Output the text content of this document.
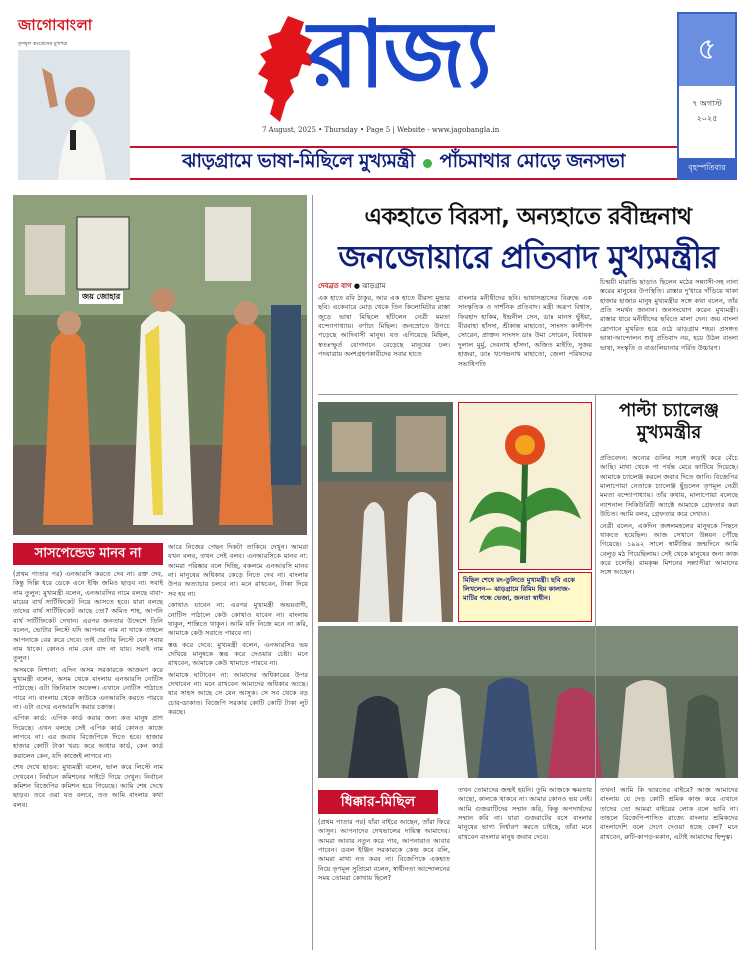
জাগোবাংলা
তৃণমূল কংগ্রেসের মুখপত্র	রাজ্য
7 August, 2025 • Thursday • Page 5 | Website - www.jagobangla.in
৫
৭ অগাস্ট
২০২৫
বৃহস্পতিবার
ঝাড়গ্রামে ভাষা-মিছিলে মুখ্যমন্ত্রী পাঁচমাথার মোড়ে জনসভা
জয় জোহার
একহাতে বিরসা, অন্যহাতে রবীন্দ্রনাথ
জনজোয়ারে প্রতিবাদ মুখ্যমন্ত্রীর
দেবব্রত বাগ ● ঝাড়গ্রাম

এক হাতে রবি ঠাকুর, আর এক হাতে বীরসা মুন্ডার ছবি। একেবারে মোড় থেকে তিন কিলোমিটার রাস্তা জুড়ে ভাষা মিছিলে হাঁটলেন নেত্রী মমতা বন্দ্যোপাধ্যায়। বর্ণাঢ্য মিছিল। জনস্রোতে উপচে পড়েছে আদিবাসী মানুষ। যত এগিয়েছে মিছিল, স্বতঃস্ফূর্ত যোগদানে বেড়েছে মানুষের ঢল। পদযাত্রায় অংশগ্রহণকারীদের সবার হাতে

বাংলার মনীষীদের ছবি। ভাষাসন্ত্রাসের বিরুদ্ধে এক সাংস্কৃতিক ও দার্শনিক প্রতিবাদ। মন্ত্রী অরূপ বিশ্বাস, ফিরহাদ হাকিম, ইন্দ্রনীল সেন, ডাঃ মানস ভুঁইয়া, বীরবাহা হাঁসদা, শ্রীকান্ত মাহাতো, সাংসদ কালীপদ সোরেন, প্রাক্তন সাংসদ ডাঃ উমা সোরেন, বিধায়ক দুলাল মুর্মু, দেবনাথ হাঁসদা, অজিত মাইতি, সুজয় হাজরা, ডাঃ খগেন্দ্রনাথ মাহাতো, জেলা পরিষদের সভাধিপতি

চিন্ময়ী মারান্ডি ছাড়াও ছিলেন মঠের সন্ন্যাসী-সহ নানা স্তরের মানুষের উপস্থিতি। রাস্তার দু'ধারে দাঁড়িয়ে থাকা হাজার হাজার মানুষ মুখ্যমন্ত্রীর সঙ্গে কথা বলেন, তাঁর প্রতি সমর্থন জানান। জনসংযোগ করেন মুখ্যমন্ত্রী। রাস্তার ধারে মনীষীদের ছবিতে মালা দেন। জয় বাংলা স্লোগানে মুখরিত হয়ে ওঠে ঝাড়গ্রাম শহর। প্রসঙ্গত ভাষা-আন্দোলন শুধু প্রতিবাদ নয়, হয়ে উঠল বাংলা ভাষা, সংস্কৃতি ও বাঙালিয়ানার গর্বিত উচ্চারণ।

মিছিল শেষে রং-তুলিতে মুখ্যমন্ত্রী। ছবি একে লিখলেন— ঝাড়গ্রামে রিমিম হিম কালাজ- মাটির গন্ধে ভেজা, জনতা স্বাধীন।
পাল্টা চ্যালেঞ্জ মুখ্যমন্ত্রীর

প্রতিবেদন: অন্যের গুলির সঙ্গে লড়াই করে বেঁচে আছি। মাথা থেকে পা পর্যন্ত মেরে ফাটিয়ে দিয়েছে। আমাকে চ্যালেঞ্জ করলে জবাব দিতে জানি। বিজেপির মালাপোয়া নেতাকে চ্যালেঞ্জ ছুঁড়লেন তৃণমূল নেত্রী মমতা বন্দ্যোপাধ্যায়। তাঁর কথায়, মালাপোয়া বলেছে ন্যাশনাল সিকিউরিটি অ্যাক্টে আমাকে গ্রেফতার করা উচিত। আমি বলব, গ্রেফতার করে দেখাও।

নেত্রী বলেন, একদিন জঙ্গলমহলের মানুষকে পিছনে থাকতে হয়েছিল। আজ সেখানে উন্নয়ন পৌঁছে গিয়েছে। ১৯৯২ সালে স্বামীজির জন্মদিনে আমি বেলুড় মঠ গিয়েছিলাম। সেই থেকে মানুষের জন্য কাজ করে চলেছি। রামকৃষ্ণ মিশনের সন্ন্যাসীরা আমাদের সঙ্গে আছেন।

সাসপেন্ডেড মানব না

(প্রথম পাতার পর) এনআরসি করতে দেব না। রক্ত দেব, কিন্তু দিল্লি ধরে ডেকে এনে ইঞ্চি জমিও ছাড়ব না। সবাই নাম তুলুন: মুখ্যমন্ত্রী বলেন, এনআরসির নামে বলছে বাবা-মায়ের বার্থ সার্টিফিকেট নিয়ে আসতে হবে। যারা বলছে তাদের বার্থ সার্টিফিকেট আছে তো? অমিত শাহ, আপনি বার্থ সার্টিফিকেট দেখান। এরপর জনতার উদ্দেশে তিনি বলেন, ভোটার লিস্টে যদি আপনার নাম না থাকে তাহলে আপনাকে বের করে দেবে। তাই ভোটার লিস্টে যেন সবার নাম থাকে। কোনও নাম যেন বাদ না যায়। সবাই নাম তুলুন।

অসমকে নিশানা: এদিন অসম সরকারকে আক্রমণ করে মুখ্যমন্ত্রী বলেন, অসম থেকে বাংলায় এনআরসি নোটিস পাঠাচ্ছে। এটা জিনিয়াস অফেন্স। এখানে নোটিস পাঠাতে পারে না। বাংলায় থেকে কাউকে এনআরসি করতে পারবে না। এটা ওদের এনআরসি করার চক্রান্ত।

এপিক কার্ড: এপিক কার্ড করার জন্য কত মানুষ প্রাণ দিয়েছে। এখন বলছে সেই এপিক কার্ড কোনও কাজে লাগবে না। এর জবাব বিজেপিকে দিতে হবে। হাজার হাজার কোটি টাকা খরচ করে আধার কার্ড, কেন কার্ড করালেন কেন, যদি কাজেই লাগবে না।

শেষ দেখে ছাড়ব: মুখ্যমন্ত্রী বলেন, ভাল করে লিস্টে নাম দেখবেন। নির্বাচন কমিশনের সাইটে গিয়ে দেখুন। নির্বাচন কমিশন বিজেপির কমিশন হয়ে গিয়েছে। আমি শেষ দেখে ছাড়ব। তবে ওরা যত বলবে, তত আমি বাংলার কথা বলব।

আরে নিজের পেছন দিকটা তাকিয়ে দেখুন। আমরা যখন বলব, তখন সেই বলব। এনআরসিকে মানব না: আমরা পরিষ্কার বলে দিচ্ছি, বকলমে এনআরসি মানব না। মানুষের অধিকার কেড়ে নিতে দেব না। বাংলার উপর অত্যাচার চলবে না। মনে রাখবেন, টাকা দিয়ে সব হয় না।

কোথাও যাবেন না: এরপর মুখ্যমন্ত্রী অভয়বাণী, নোটিস পাঠালে কেউ কোথাও যাবেন না। বাংলায় থাকুন, শান্তিতে থাকুন। আমি যদি নিজে মনে না করি, আমাকে কেউ সরাতে পারবে না।

স্তব্ধ করে দেবে: মুখ্যমন্ত্রী বলেন, এনআরসির ভয় দেখিয়ে মানুষকে স্তব্ধ করে দেওয়ার চেষ্টা। মনে রাখবেন, আমাকে কেউ থামাতে পারবে না।

আমাকে ঘাটাবেন না: আমাদের অধিকারের উপর দেখাবেন না। মনে রাখবেন আমাদের অধিকার আছে। যার সাহস আছে সে যেন আসুক। সে সব থেকে বড় চোর-ডাকাত। বিজেপি সরকার কোটি কোটি টাকা লুট করছে।

ধিক্কার-মিছিল

(প্রথম পাতার পর) যাঁরা বাইরে আছেন, তাঁরা ফিরে আসুন। আপনাদের দেখভালের দায়িত্ব আমাদের। আমরা আবার নতুন করে পাব, আপনারাও আবার পাবেন। ডবল ইঞ্জিন সরকারকে কেন্দ্র করে বলি, আমরা মাথা নত করব না। বিজেপিকে একহাত নিয়ে তৃণমূল সুপ্রিমো বলেন, স্বাধীনতা আন্দোলনের সময় তোমরা কোথায় ছিলে?

তখন তোমাদের জন্মই হয়নি। তুমি আজকে ক্ষমতায় আছো, কালকে থাকবে না। আমার কোনও ভয় নেই। আমি গুজরাটিদের সম্মান করি, কিন্তু অপদার্থদের সম্মান করি না। যারা গুজরাটের বসে বাংলার মানুষের ভাগ্য নির্ধারণ করতে চাইছে, তাঁরা মনে রাখবেন বাংলার মানুষ জবাব দেবে।

তখন! আমি কি ভারতের বাইরে? আজ আমাদের বাংলায় যে দেড় কোটি শ্রমিক কাজ করে এখানে তাদের তো আমরা বাইরের লোক বলে ভাবি না। তাহলে বিজেপি-শাসিত রাজ্যে বাংলার শ্রমিকদের বাংলাদেশি বলে দেগে দেওয়া হচ্ছে কেন? মনে রাখবেন, রুটি-কাপড়-মকান, এটাই আমাদের হিন্দুত্ব।
